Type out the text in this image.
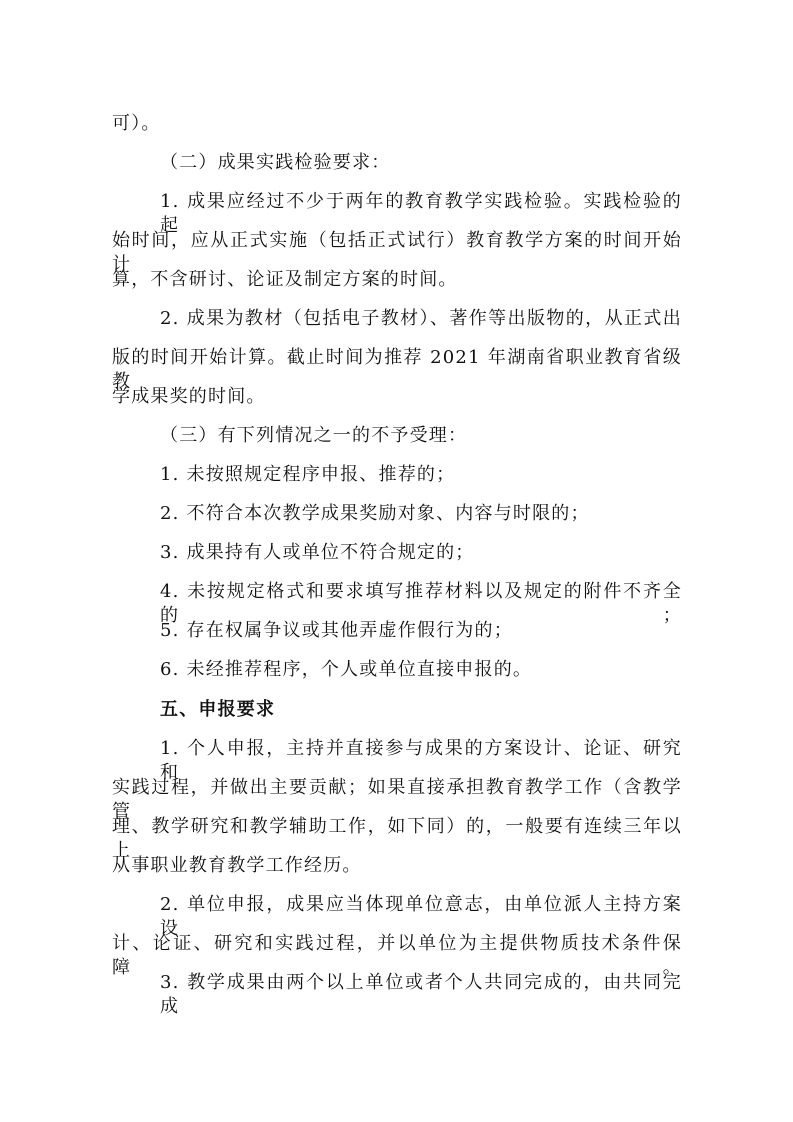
可）。
（二）成果实践检验要求：
1. 成果应经过不少于两年的教育教学实践检验。实践检验的起
始时间，应从正式实施（包括正式试行）教育教学方案的时间开始计
算，不含研讨、论证及制定方案的时间。
2. 成果为教材（包括电子教材）、著作等出版物的，从正式出
版的时间开始计算。截止时间为推荐 2021 年湖南省职业教育省级教
学成果奖的时间。
（三）有下列情况之一的不予受理：
1. 未按照规定程序申报、推荐的；
2. 不符合本次教学成果奖励对象、内容与时限的；
3. 成果持有人或单位不符合规定的；
4. 未按规定格式和要求填写推荐材料以及规定的附件不齐全的；
5. 存在权属争议或其他弄虚作假行为的；
6. 未经推荐程序，个人或单位直接申报的。
五、申报要求
1. 个人申报，主持并直接参与成果的方案设计、论证、研究和
实践过程，并做出主要贡献；如果直接承担教育教学工作（含教学管
理、教学研究和教学辅助工作，如下同）的，一般要有连续三年以上
从事职业教育教学工作经历。
2. 单位申报，成果应当体现单位意志，由单位派人主持方案设
计、论证、研究和实践过程，并以单位为主提供物质技术条件保障。
3. 教学成果由两个以上单位或者个人共同完成的，由共同完成
